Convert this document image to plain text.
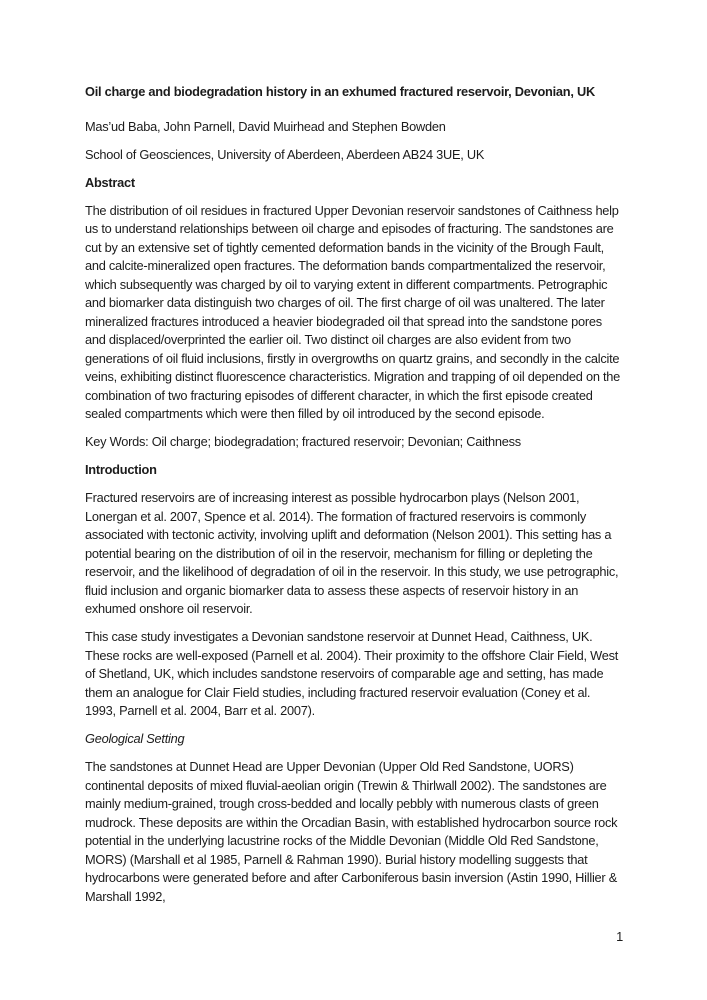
Oil charge and biodegradation history in an exhumed fractured reservoir, Devonian, UK

Mas’ud Baba, John Parnell, David Muirhead and Stephen Bowden

School of Geosciences, University of Aberdeen, Aberdeen AB24 3UE, UK

Abstract

The distribution of oil residues in fractured Upper Devonian reservoir sandstones of Caithness help us to understand relationships between oil charge and episodes of fracturing. The sandstones are cut by an extensive set of tightly cemented deformation bands in the vicinity of the Brough Fault, and calcite-mineralized open fractures. The deformation bands compartmentalized the reservoir, which subsequently was charged by oil to varying extent in different compartments. Petrographic and biomarker data distinguish two charges of oil. The first charge of oil was unaltered. The later mineralized fractures introduced a heavier biodegraded oil that spread into the sandstone pores and displaced/overprinted the earlier oil. Two distinct oil charges are also evident from two generations of oil fluid inclusions, firstly in overgrowths on quartz grains, and secondly in the calcite veins, exhibiting distinct fluorescence characteristics. Migration and trapping of oil depended on the combination of two fracturing episodes of different character, in which the first episode created sealed compartments which were then filled by oil introduced by the second episode.

Key Words: Oil charge; biodegradation; fractured reservoir; Devonian; Caithness

Introduction

Fractured reservoirs are of increasing interest as possible hydrocarbon plays (Nelson 2001, Lonergan et al. 2007, Spence et al. 2014). The formation of fractured reservoirs is commonly associated with tectonic activity, involving uplift and deformation (Nelson 2001). This setting has a potential bearing on the distribution of oil in the reservoir, mechanism for filling or depleting the reservoir, and the likelihood of degradation of oil in the reservoir. In this study, we use petrographic, fluid inclusion and organic biomarker data to assess these aspects of reservoir history in an exhumed onshore oil reservoir.

This case study investigates a Devonian sandstone reservoir at Dunnet Head, Caithness, UK. These rocks are well-exposed (Parnell et al. 2004). Their proximity to the offshore Clair Field, West of Shetland, UK, which includes sandstone reservoirs of comparable age and setting, has made them an analogue for Clair Field studies, including fractured reservoir evaluation (Coney et al. 1993, Parnell et al. 2004, Barr et al. 2007).

Geological Setting

The sandstones at Dunnet Head are Upper Devonian (Upper Old Red Sandstone, UORS) continental deposits of mixed fluvial-aeolian origin (Trewin & Thirlwall 2002). The sandstones are mainly medium-grained, trough cross-bedded and locally pebbly with numerous clasts of green mudrock. These deposits are within the Orcadian Basin, with established hydrocarbon source rock potential in the underlying lacustrine rocks of the Middle Devonian (Middle Old Red Sandstone, MORS) (Marshall et al 1985, Parnell & Rahman 1990). Burial history modelling suggests that hydrocarbons were generated before and after Carboniferous basin inversion (Astin 1990, Hillier & Marshall 1992,

1
